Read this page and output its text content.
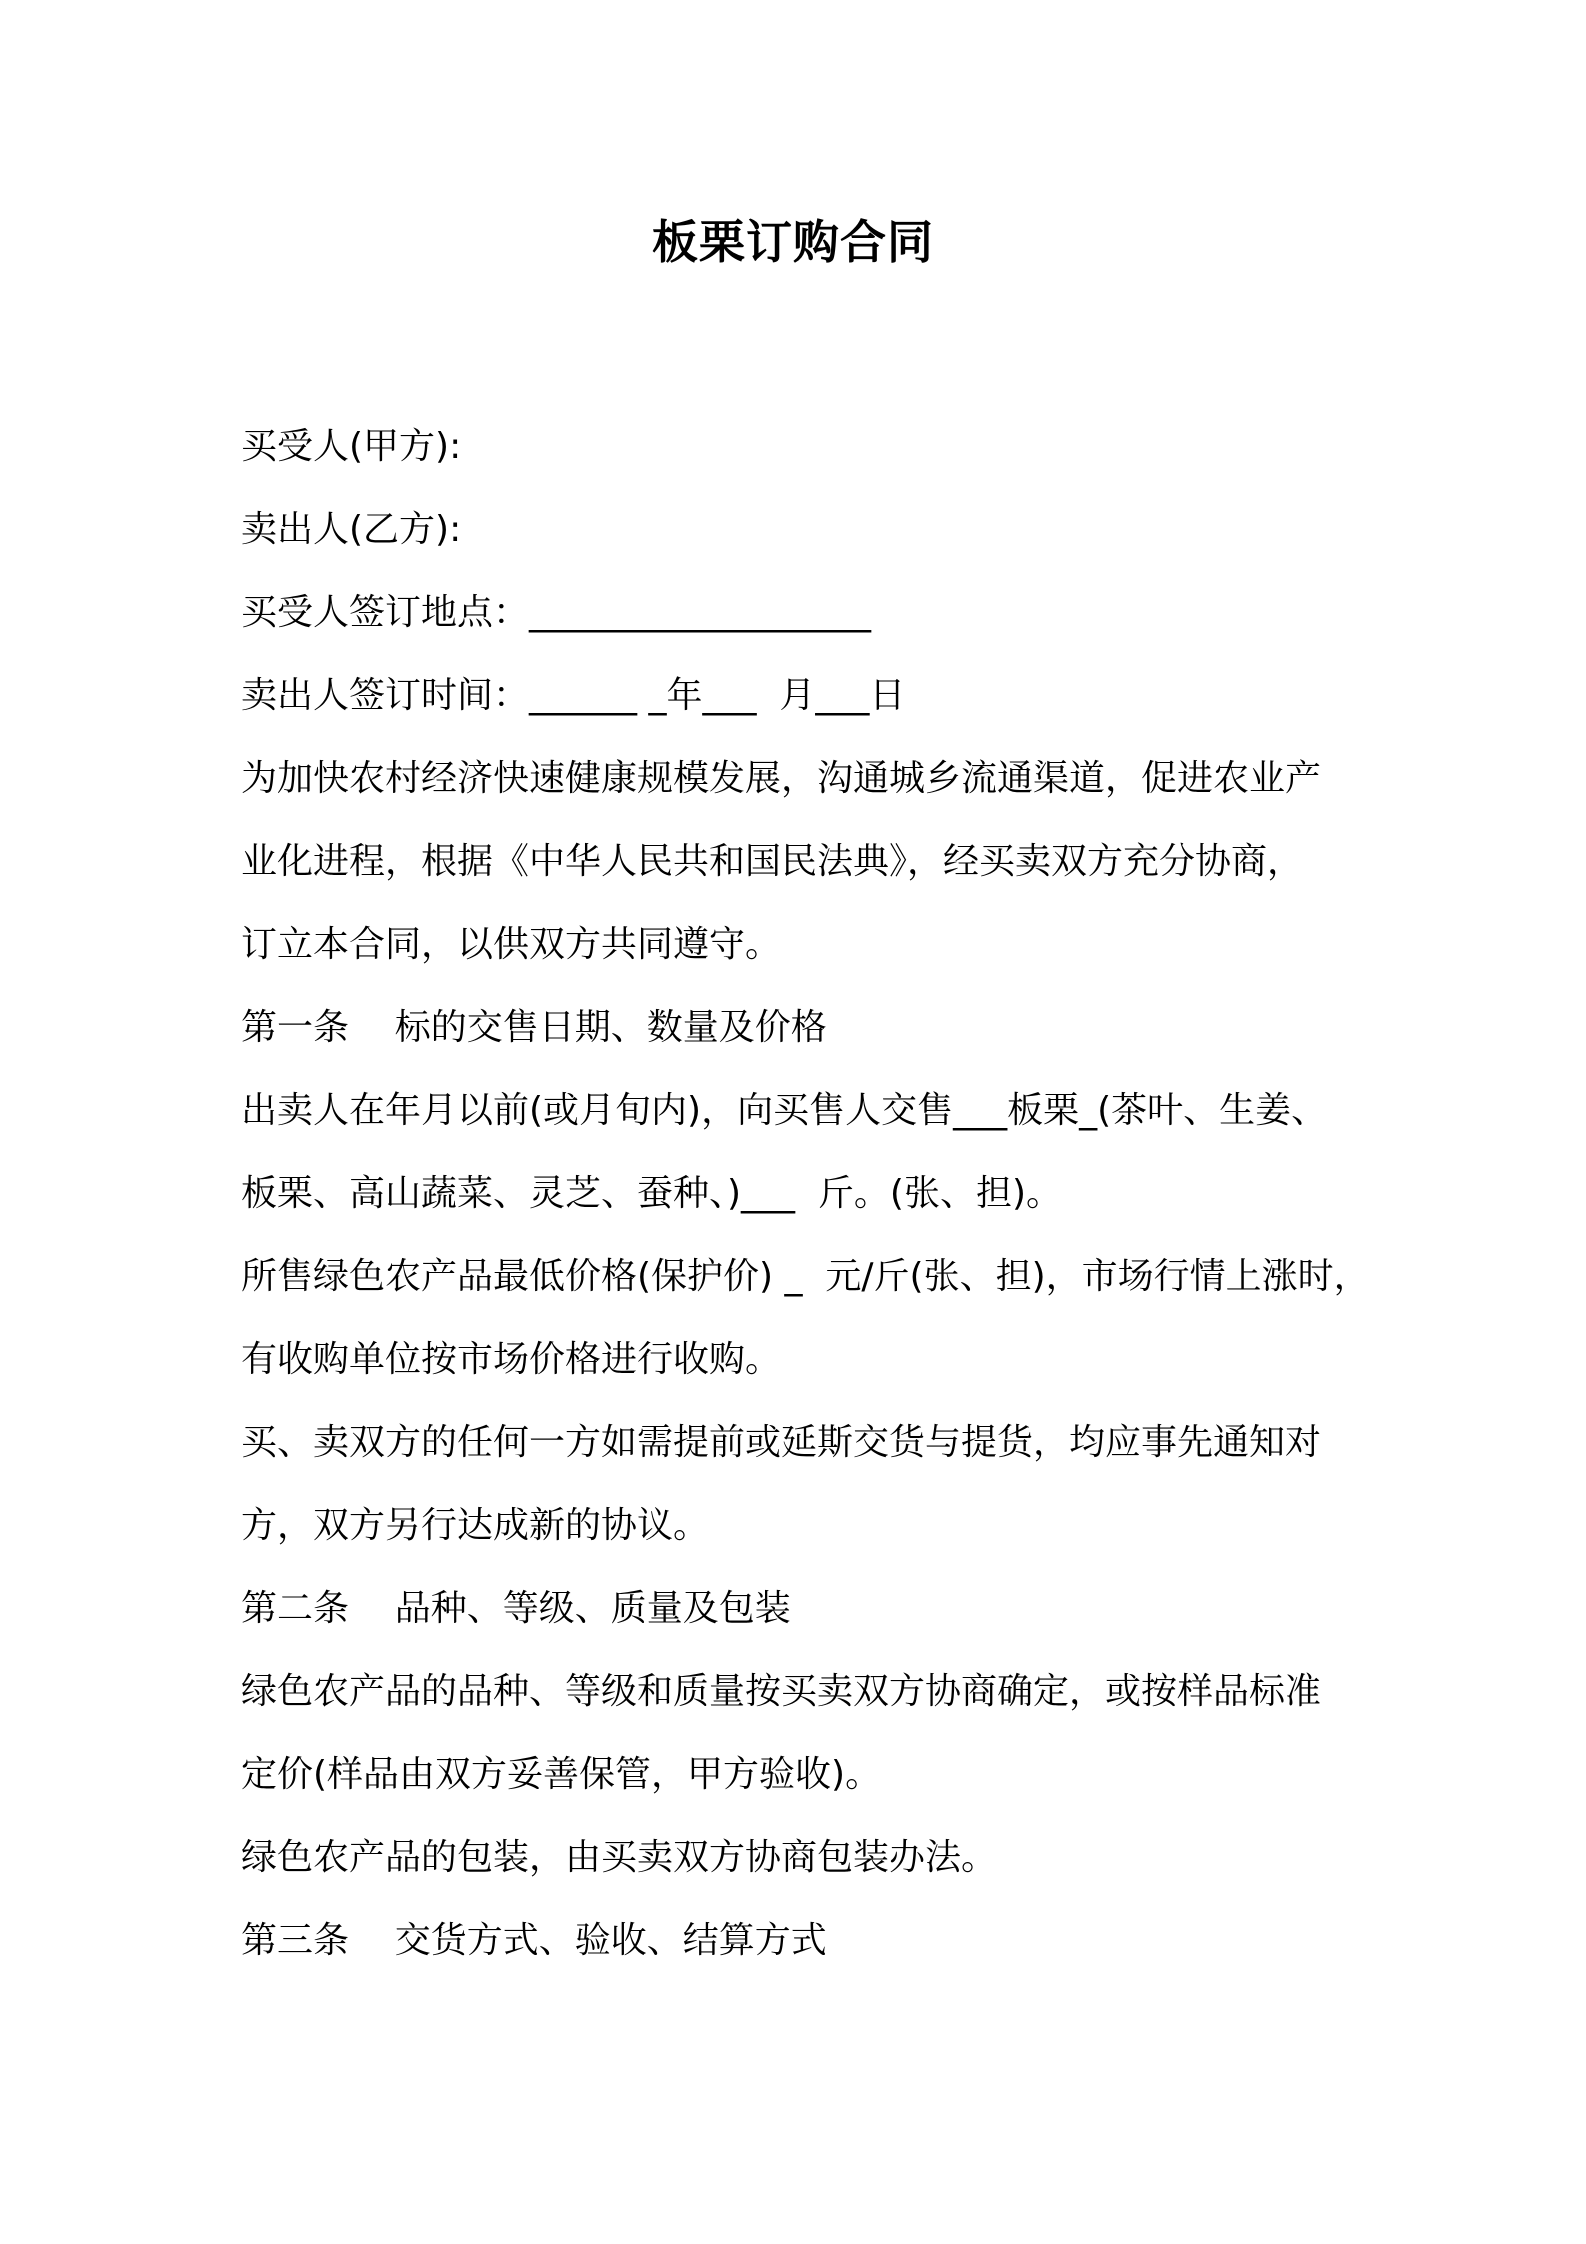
板栗订购合同
买受人(甲方):
卖出人(乙方):
买受人签订地点：___________________
卖出人签订时间：______ _年___  月___日
为加快农村经济快速健康规模发展，沟通城乡流通渠道，促进农业产
业化进程，根据《中华人民共和国民法典》，经买卖双方充分协商，
订立本合同，以供双方共同遵守。
第一条    标的交售日期、数量及价格
出卖人在年月以前(或月旬内)，向买售人交售___板栗_(茶叶、生姜、
板栗、高山蔬菜、灵芝、蚕种、)___  斤。(张、担)。
所售绿色农产品最低价格(保护价) _  元/斤(张、担)，市场行情上涨时，
有收购单位按市场价格进行收购。
买、卖双方的任何一方如需提前或延斯交货与提货，均应事先通知对
方，双方另行达成新的协议。
第二条    品种、等级、质量及包装
绿色农产品的品种、等级和质量按买卖双方协商确定，或按样品标准
定价(样品由双方妥善保管，甲方验收)。
绿色农产品的包装，由买卖双方协商包装办法。
第三条    交货方式、验收、结算方式
